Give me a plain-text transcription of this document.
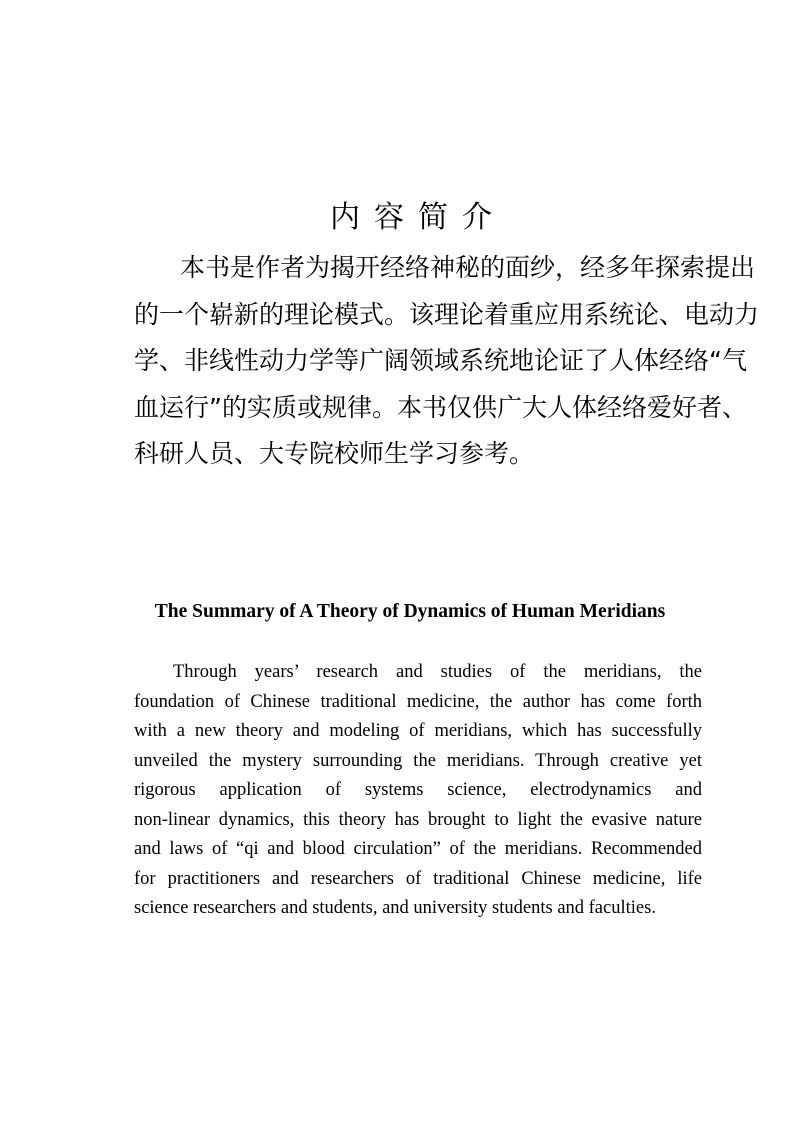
内容简介
本书是作者为揭开经络神秘的面纱，经多年探索提出
的一个崭新的理论模式。该理论着重应用系统论、电动力
学、非线性动力学等广阔领域系统地论证了人体经络“气
血运行”的实质或规律。本书仅供广大人体经络爱好者、
科研人员、大专院校师生学习参考。
The Summary of A Theory of Dynamics of Human Meridians
Through years’ research and studies of the meridians, the
foundation of Chinese traditional medicine, the author has come forth
with a new theory and modeling of meridians, which has successfully
unveiled the mystery surrounding the meridians. Through creative yet
rigorous application of systems science, electrodynamics and
non-linear dynamics, this theory has brought to light the evasive nature
and laws of “qi and blood circulation” of the meridians. Recommended
for practitioners and researchers of traditional Chinese medicine, life
science researchers and students, and university students and faculties.
